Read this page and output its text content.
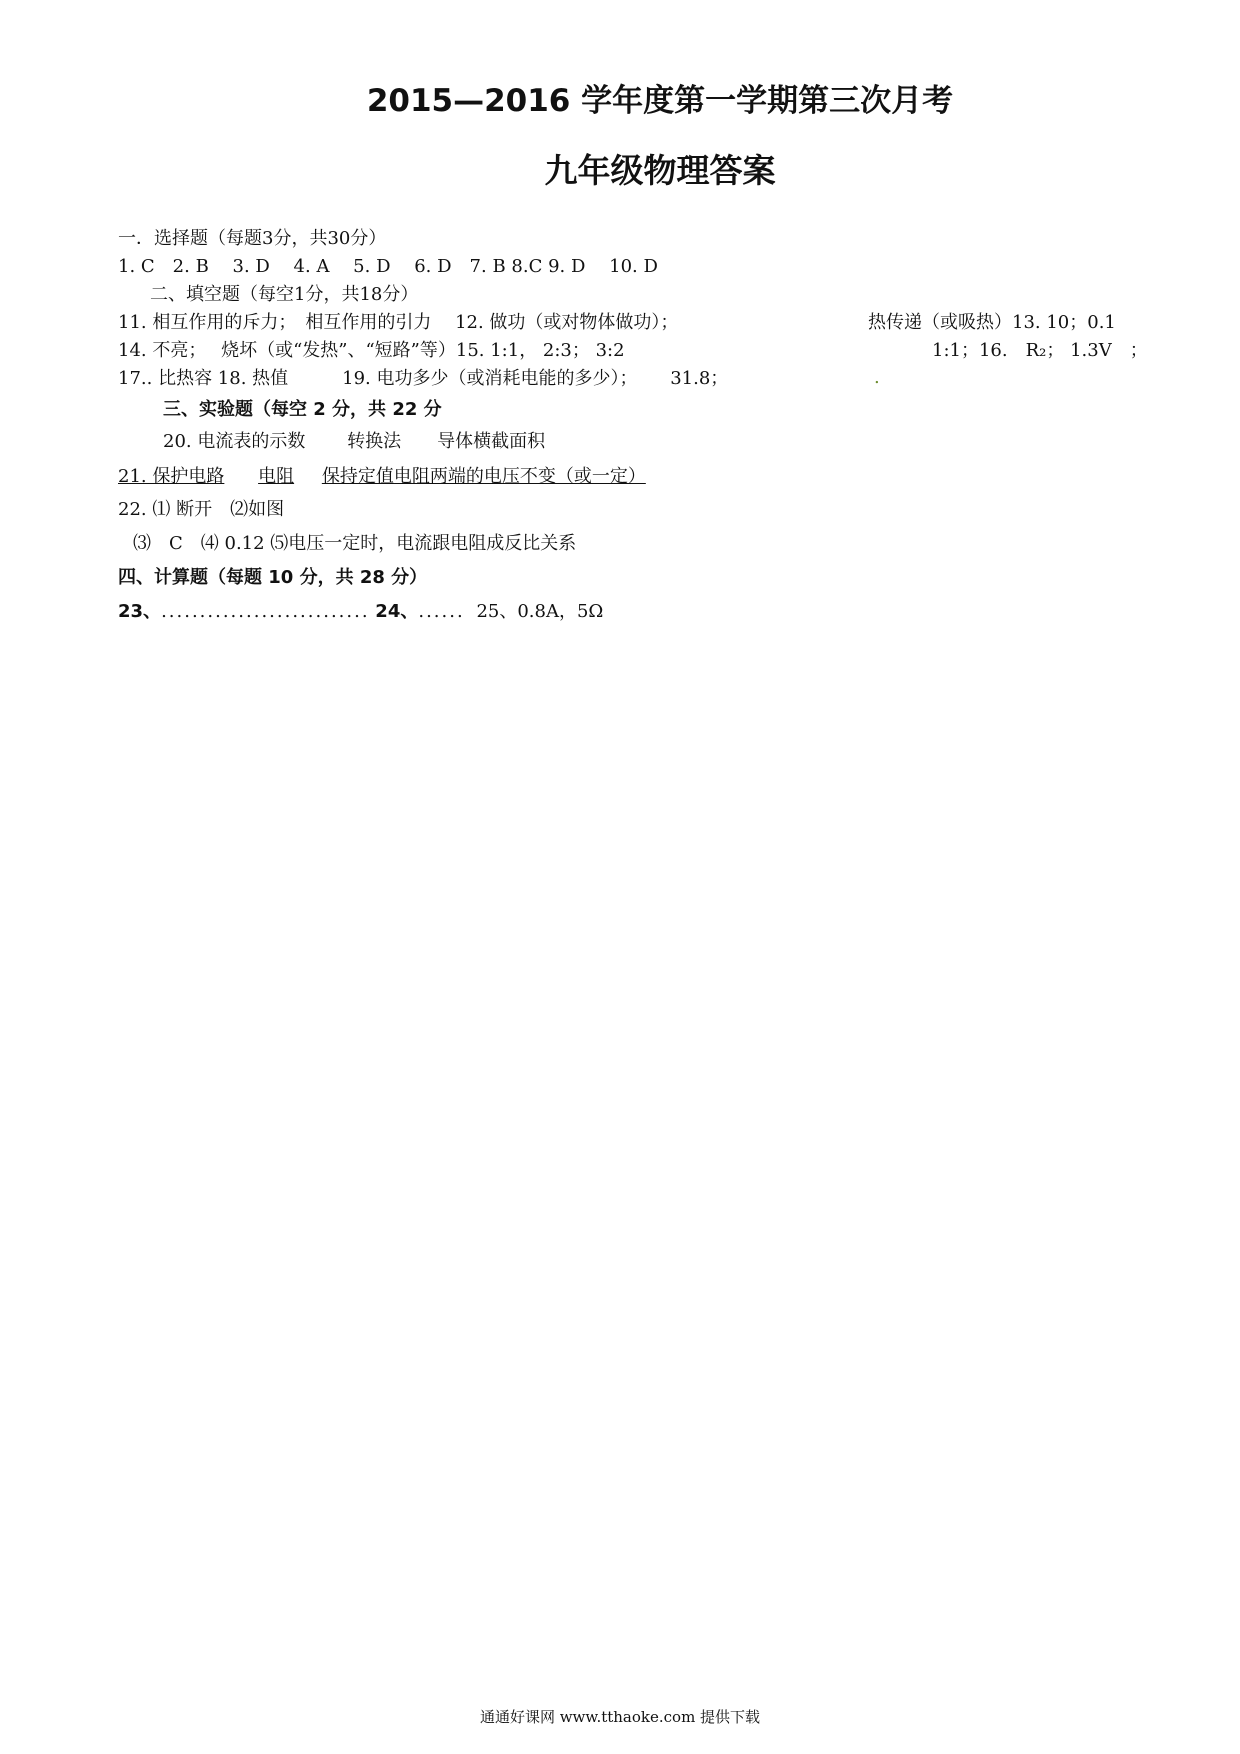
2015—2016 学年度第一学期第三次月考
九年级物理答案
一．选择题（每题3分，共30分）
1. C　2. B　 3. D　 4. A　 5. D　 6. D　7. B 8.C 9. D　 10. D
二、填空题（每空1分，共18分）
11. 相互作用的斥力；　相互作用的引力　 12. 做功（或对物体做功）；	热传递（或吸热）13. 10；0.1
14. 不亮；　 烧坏（或“发热”、“短路”等）15. 1:1， 2:3； 3:2	1:1；16.　R₂； 1.3V　；
17.. 比热容 18. 热值　　　19. 电功多少（或消耗电能的多少）；　　 31.8；	.
三、实验题（每空 2 分，共 22 分
20. 电流表的示数　　 转换法　　导体横截面积
21. 保护电路 电阻 保持定值电阻两端的电压不变（或一定）
22. ⑴ 断开　⑵如图
⑶　C　⑷ 0.12 ⑸电压一定时，电流跟电阻成反比关系
四、计算题（每题 10 分，共 28 分）
23、........................... 24、...... 25、0.8A，5Ω
通通好课网 www.tthaoke.com 提供下载
